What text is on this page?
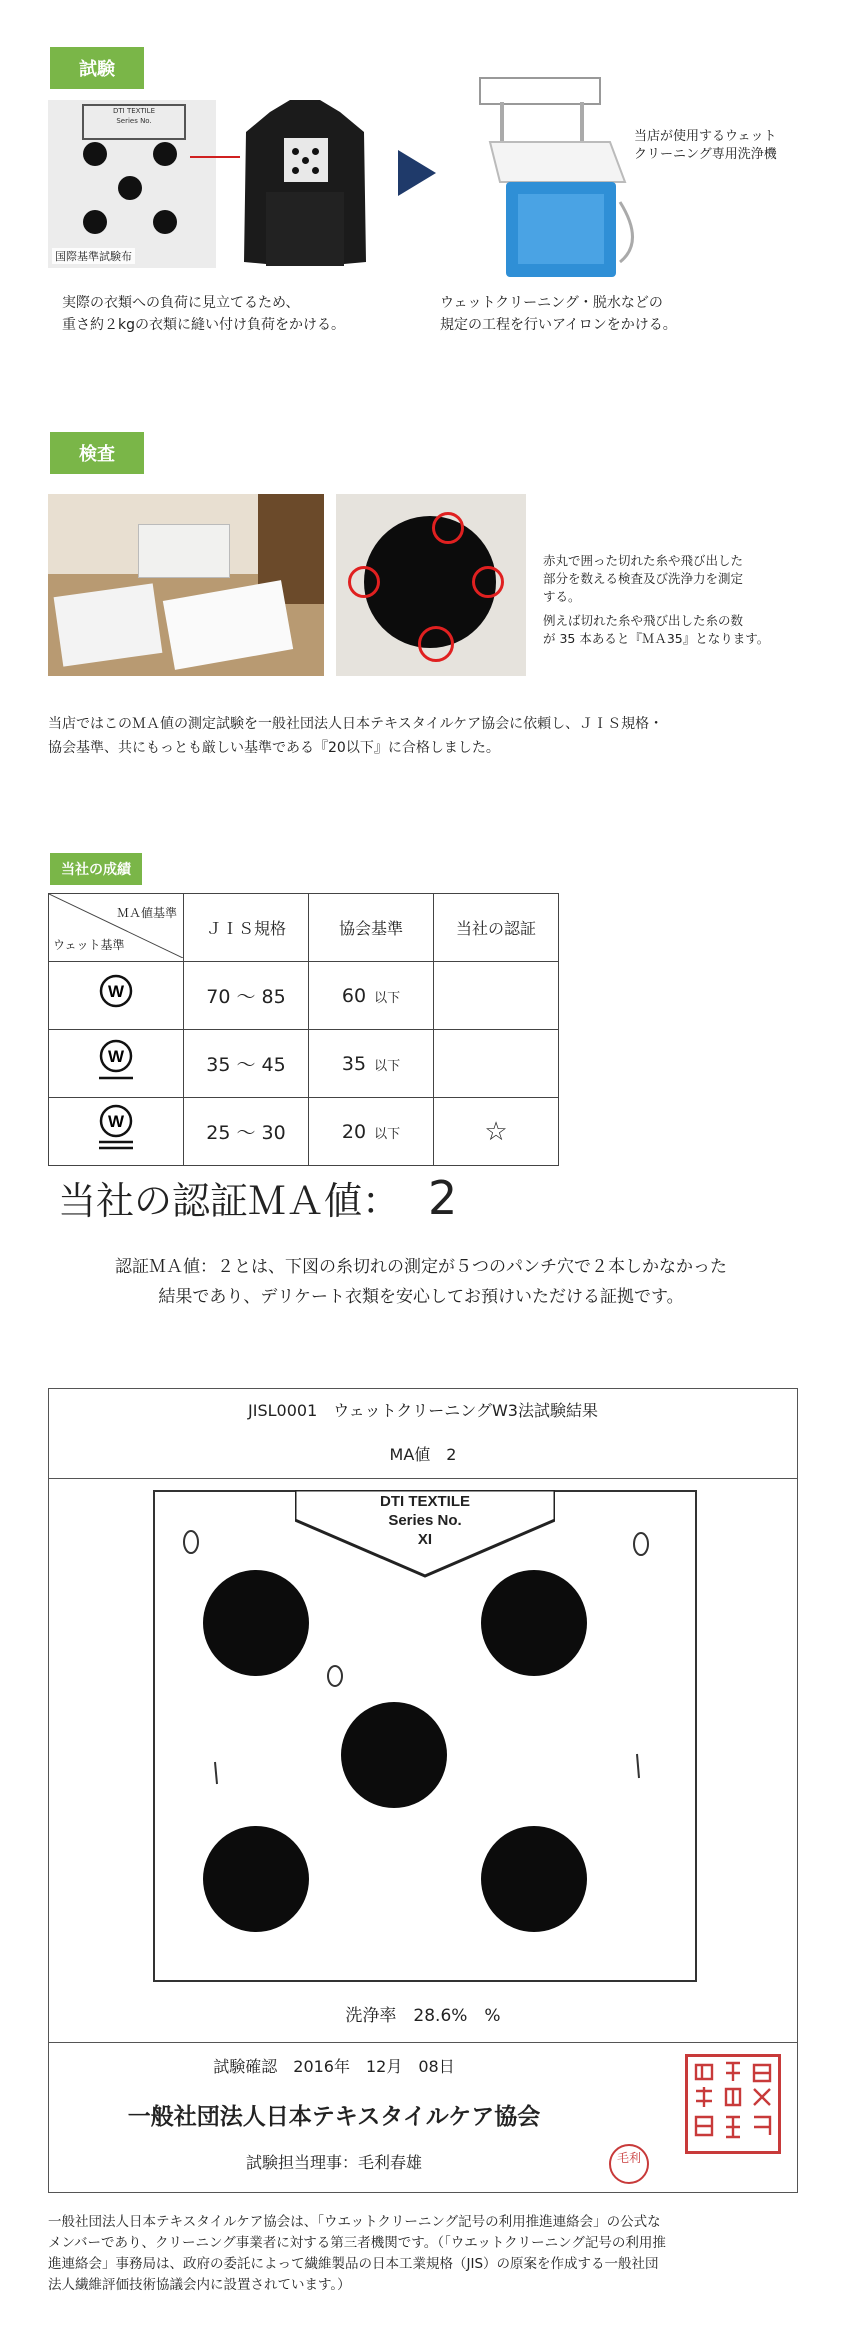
試験
DTI TEXTILE
Series No.
国際基準試験布
当店が使用するウェット
クリーニング専用洗浄機
実際の衣類への負荷に見立てるため、
重さ約２kgの衣類に縫い付け負荷をかける。
ウェットクリーニング・脱水などの
規定の工程を行いアイロンをかける。
検査
赤丸で囲った切れた糸や飛び出した
部分を数える検査及び洗浄力を測定
する。
例えば切れた糸や飛び出した糸の数
が 35 本あると『ＭＡ35』となります。
当店ではこのＭＡ値の測定試験を一般社団法人日本テキスタイルケア協会に依頼し、ＪＩＳ規格・
協会基準、共にもっとも厳しい基準である『20以下』に合格しました。
当社の成績
ＭＡ値基準
ウェット基準	ＪＩＳ規格	協会基準	当社の認証

W	70 〜 85	60 以下	

W	35 〜 45	35 以下	

W	25 〜 30	20 以下	☆
当社の認証ＭＡ値： 2
認証ＭＡ値：２とは、下図の糸切れの測定が５つのパンチ穴で２本しかなかった
結果であり、デリケート衣類を安心してお預けいただける証拠です。
JISL0001　ウェットクリーニングW3法試験結果
MA値　2
DTI TEXTILE
Series No.
XI
洗浄率　28.6%　%
試験確認　2016年　12月　08日
一般社団法人日本テキスタイルケア協会
試験担当理事：毛利春雄	毛利
一般社団法人日本テキスタイルケア協会は、「ウエットクリーニング記号の利用推進連絡会」の公式な
メンバーであり、クリーニング事業者に対する第三者機関です。（「ウエットクリーニング記号の利用推
進連絡会」事務局は、政府の委託によって繊維製品の日本工業規格（JIS）の原案を作成する一般社団
法人繊維評価技術協議会内に設置されています。）
